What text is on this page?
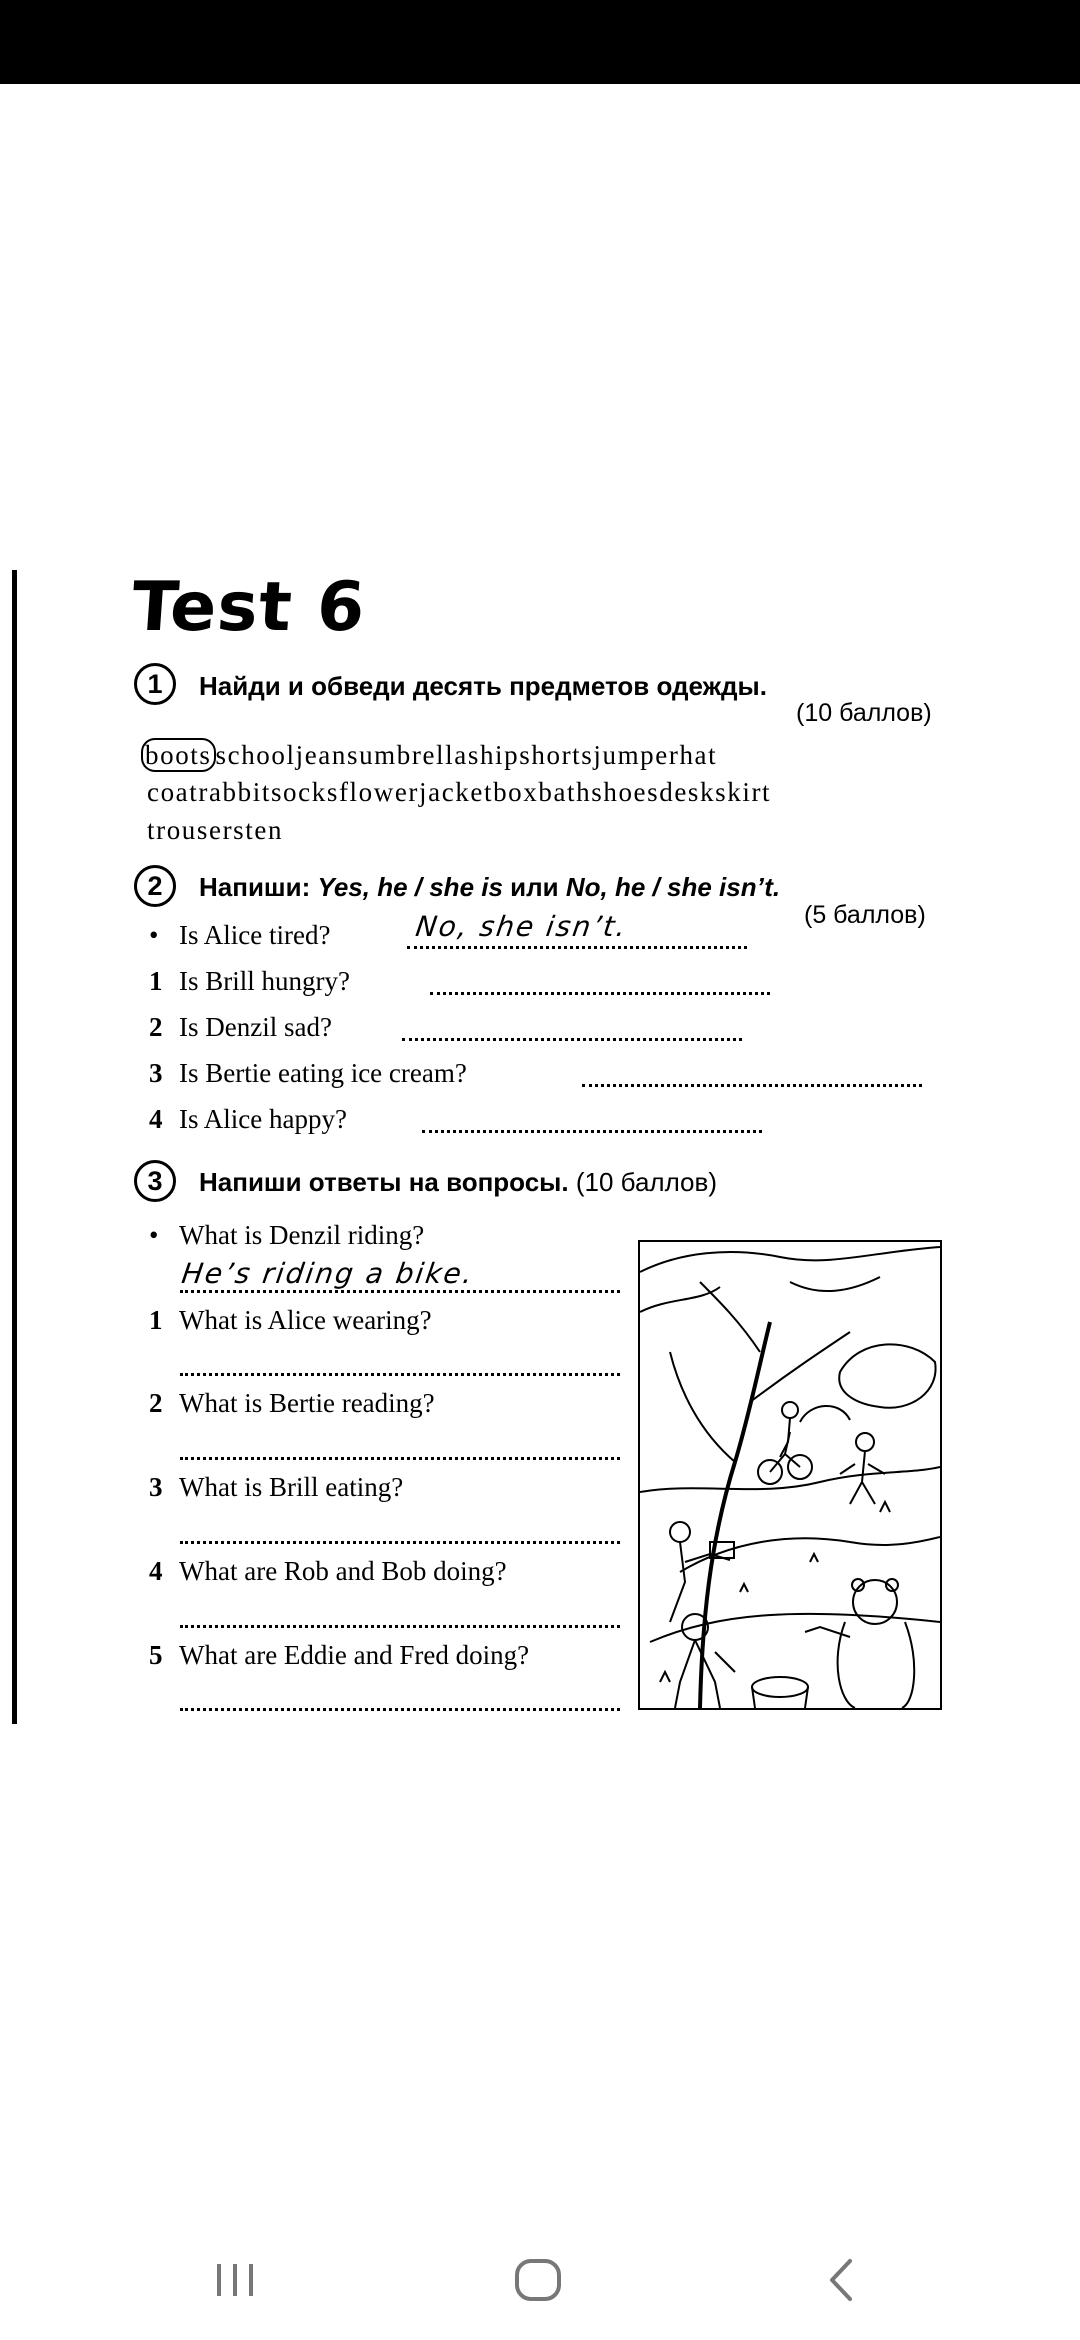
Test 6
1	Найди и обведи десять предметов одежды.
(10 баллов)
boots schooljeansumbrellashipshortsjumperhat
coatrabbitsocksflowerjacketboxbathshoesdeskskirt
trousersten
2	Напиши: Yes, he / she is или No, he / she isn’t.
(5 баллов)
• Is Alice tired?	No, she isn’t.
1 Is Brill hungry?
2 Is Denzil sad?
3 Is Bertie eating ice cream?
4 Is Alice happy?
3	Напиши ответы на вопросы. (10 баллов)
• What is Denzil riding?
He’s riding a bike.
1 What is Alice wearing?
2 What is Bertie reading?
3 What is Brill eating?
4 What are Rob and Bob doing?
5 What are Eddie and Fred doing?
